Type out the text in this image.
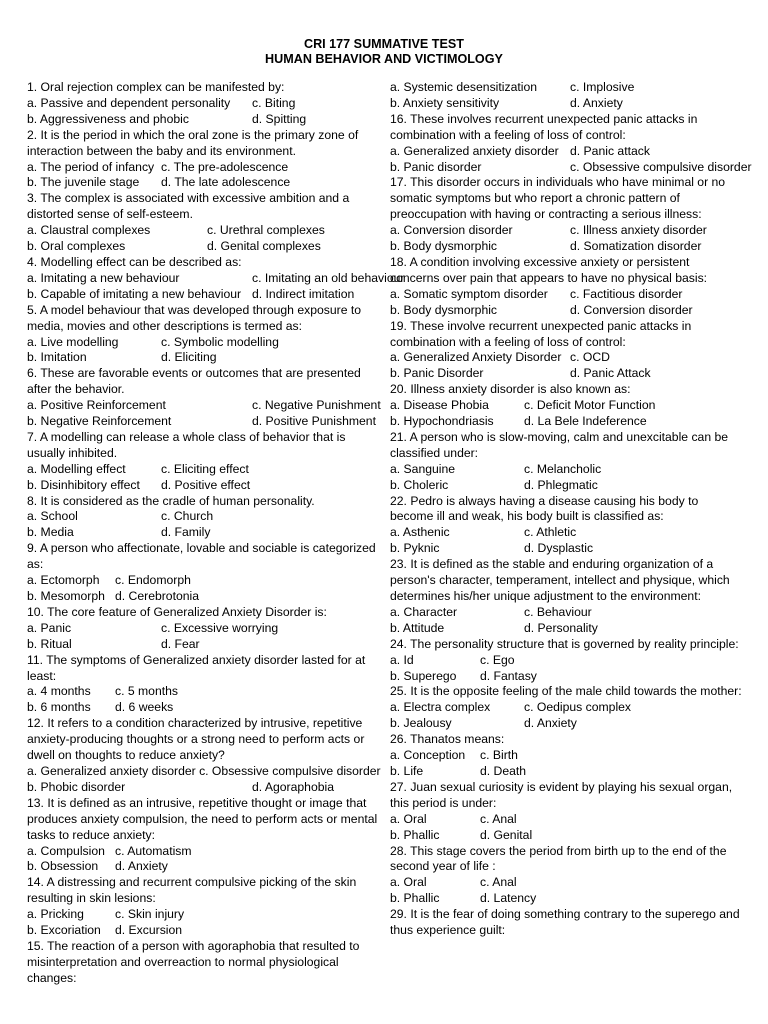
CRI 177 SUMMATIVE TEST
HUMAN BEHAVIOR AND VICTIMOLOGY
1. Oral rejection complex can be manifested by:
a. Passive and dependent personality	c. Biting
b. Aggressiveness and phobic	d. Spitting
2. It is the period in which the oral zone is the primary zone of interaction between the baby and its environment.
a. The period of infancy c. The pre-adolescence
b. The juvenile stage	d. The late adolescence
3. The complex is associated with excessive ambition and a distorted sense of self-esteem.
a. Claustral complexes	c. Urethral complexes
b. Oral complexes	d. Genital complexes
4. Modelling effect can be described as:
a. Imitating a new behaviour	c. Imitating an old behaviour
b. Capable of imitating a new behaviour d. Indirect imitation
5. A model behaviour that was developed through exposure to media, movies and other descriptions is termed as:
a. Live modelling	c. Symbolic modelling
b. Imitation	d. Eliciting
6. These are favorable events or outcomes that are presented after the behavior.
a. Positive Reinforcement	c. Negative Punishment
b. Negative Reinforcement	d. Positive Punishment
7. A modelling can release a whole class of behavior that is usually inhibited.
a. Modelling effect	c. Eliciting effect
b. Disinhibitory effect	d. Positive effect
8. It is considered as the cradle of human personality.
a. School	c. Church
b. Media	d. Family
9. A person who affectionate, lovable and sociable is categorized as:
a. Ectomorph	c. Endomorph
b. Mesomorph d. Cerebrotonia
10. The core feature of Generalized Anxiety Disorder is:
a. Panic	c. Excessive worrying
b. Ritual	d. Fear
11. The symptoms of Generalized anxiety disorder lasted for at least:
a. 4 months	c. 5 months
b. 6 months	d. 6 weeks
12. It refers to a condition characterized by intrusive, repetitive anxiety-producing thoughts or a strong need to perform acts or dwell on thoughts to reduce anxiety?
a. Generalized anxiety disorder c. Obsessive compulsive disorder
b. Phobic disorder	d. Agoraphobia
13. It is defined as an intrusive, repetitive thought or image that produces anxiety compulsion, the need to perform acts or mental tasks to reduce anxiety:
a. Compulsion c. Automatism
b. Obsession	d. Anxiety
14. A distressing and recurrent compulsive picking of the skin resulting in skin lesions:
a. Pricking	c. Skin injury
b. Excoriation	d. Excursion
15. The reaction of a person with agoraphobia that resulted to misinterpretation and overreaction to normal physiological changes:
a. Systemic desensitization	c. Implosive
b. Anxiety sensitivity	d. Anxiety
16. These involves recurrent unexpected panic attacks in combination with a feeling of loss of control:
a. Generalized anxiety disorder d. Panic attack
b. Panic disorder	c. Obsessive compulsive disorder
17. This disorder occurs in individuals who have minimal or no somatic symptoms but who report a chronic pattern of preoccupation with having or contracting a serious illness:
a. Conversion disorder	c. Illness anxiety disorder
b. Body dysmorphic	d. Somatization disorder
18. A condition involving excessive anxiety or persistent concerns over pain that appears to have no physical basis:
a. Somatic symptom disorder	c. Factitious disorder
b. Body dysmorphic	d. Conversion disorder
19. These involve recurrent unexpected panic attacks in combination with a feeling of loss of control:
a. Generalized Anxiety Disorder c. OCD
b. Panic Disorder	d. Panic Attack
20. Illness anxiety disorder is also known as:
a. Disease Phobia	c. Deficit Motor Function
b. Hypochondriasis	d. La Bele Indeference
21. A person who is slow-moving, calm and unexcitable can be classified under:
a. Sanguine	c. Melancholic
b. Choleric	d. Phlegmatic
22. Pedro is always having a disease causing his body to become ill and weak, his body built is classified as:
a. Asthenic	c. Athletic
b. Pyknic	d. Dysplastic
23. It is defined as the stable and enduring organization of a person's character, temperament, intellect and physique, which determines his/her unique adjustment to the environment:
a. Character	c. Behaviour
b. Attitude	d. Personality
24. The personality structure that is governed by reality principle:
a. Id	c. Ego
b. Superego	d. Fantasy
25. It is the opposite feeling of the male child towards the mother:
a. Electra complex	c. Oedipus complex
b. Jealousy	d. Anxiety
26. Thanatos means:
a. Conception	c. Birth
b. Life	d. Death
27. Juan sexual curiosity is evident by playing his sexual organ, this period is under:
a. Oral	c. Anal
b. Phallic	d. Genital
28. This stage covers the period from birth up to the end of the second year of life :
a. Oral	c. Anal
b. Phallic	d. Latency
29. It is the fear of doing something contrary to the superego and thus experience guilt:
